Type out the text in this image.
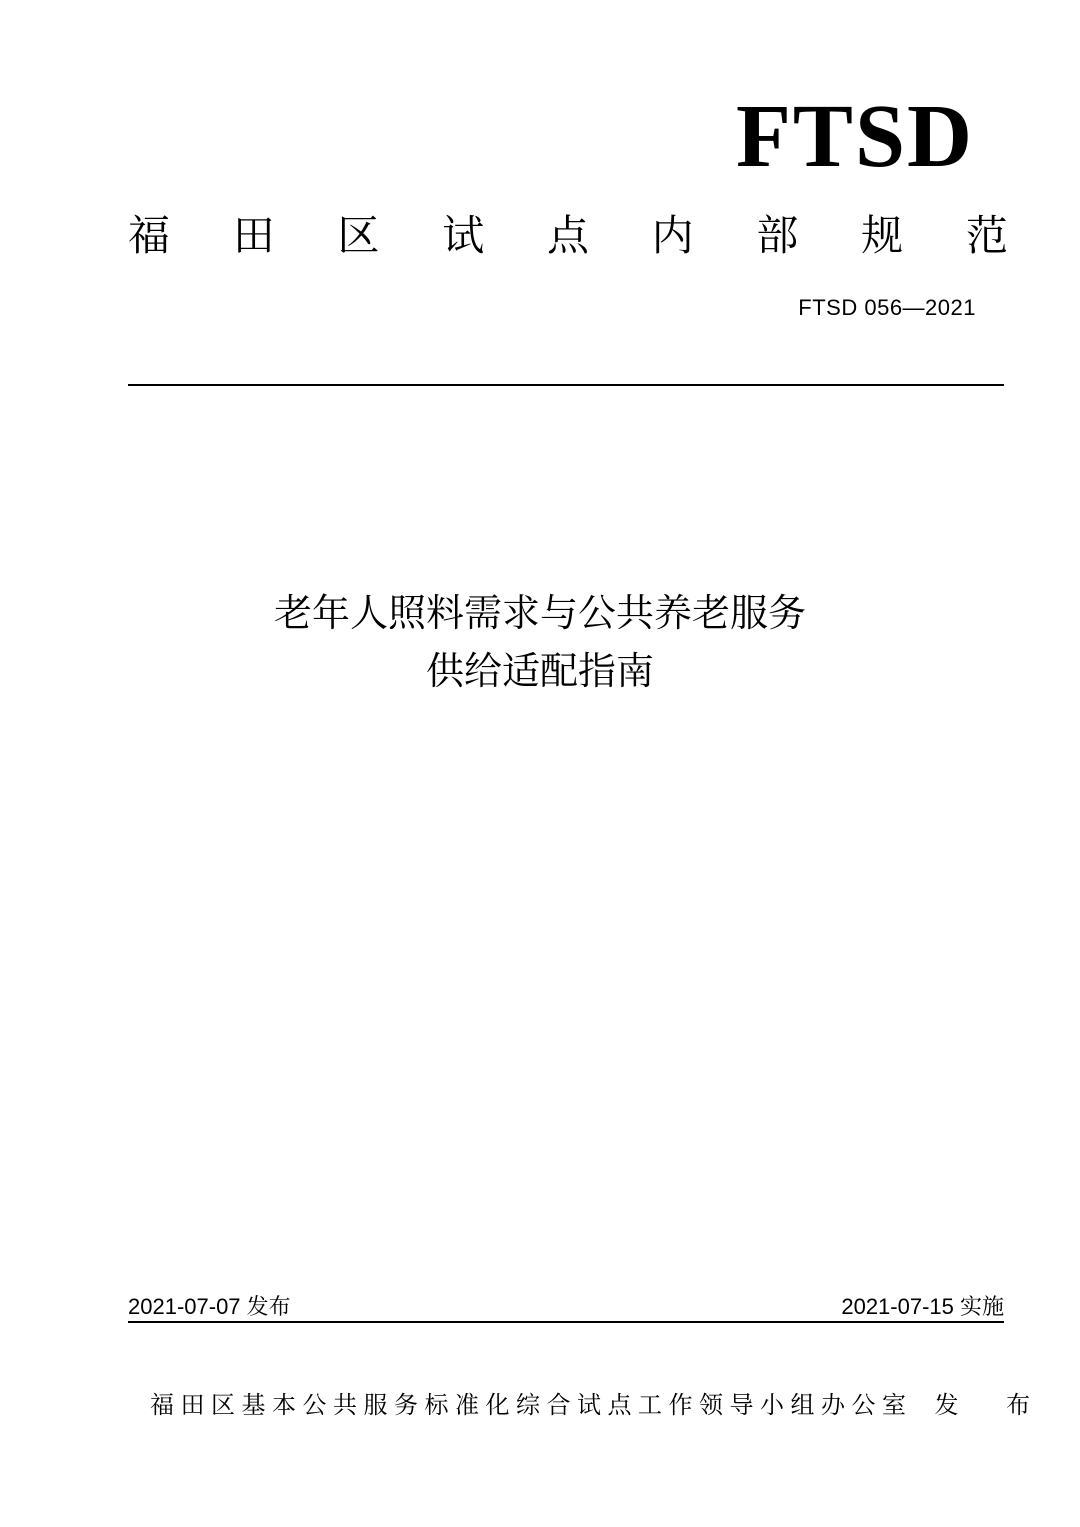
FTSD
福 田 区 试 点 内 部 规 范
FTSD 056—2021
老年人照料需求与公共养老服务
供给适配指南
2021-07-07 发布	2021-07-15 实施
福田区基本公共服务标准化综合试点工作领导小组办公室 发 布
